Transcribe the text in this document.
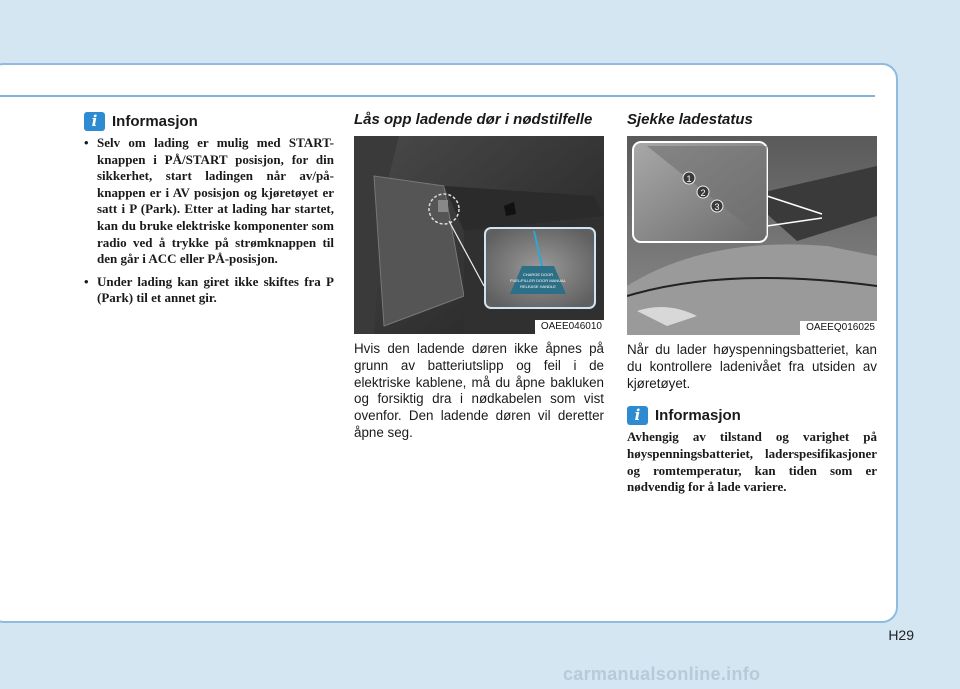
i Informasjon
• Selv om lading er mulig med START-knappen i PÅ/START posisjon, for din sikkerhet, start ladingen når av/på-knappen er i AV posisjon og kjøretøyet er satt i P (Park). Etter at lading har startet, kan du bruke elektriske komponenter som radio ved å trykke på strømknappen til den går i ACC eller PÅ-posisjon.
• Under lading kan giret ikke skiftes fra P (Park) til et annet gir.
Lås opp ladende dør i nødstilfelle
CHARGE DOOR
FUEL/FILLER DOOR MANUAL
RELEASE HANDLE
OAEE046010
Hvis den ladende døren ikke åpnes på grunn av batteriutslipp og feil i de elektriske kablene, må du åpne bakluken og forsiktig dra i nødkabelen som vist ovenfor. Den ladende døren vil deretter åpne seg.
Sjekke ladestatus
1
2
3
OAEEQ016025
Når du lader høyspenningsbatteriet, kan du kontrollere ladenivået fra utsiden av kjøretøyet.
i Informasjon
Avhengig av tilstand og varighet på høyspenningsbatteriet, laderspesifikasjoner og romtemperatur, kan tiden som er nødvendig for å lade variere.
H29
carmanualsonline.info
